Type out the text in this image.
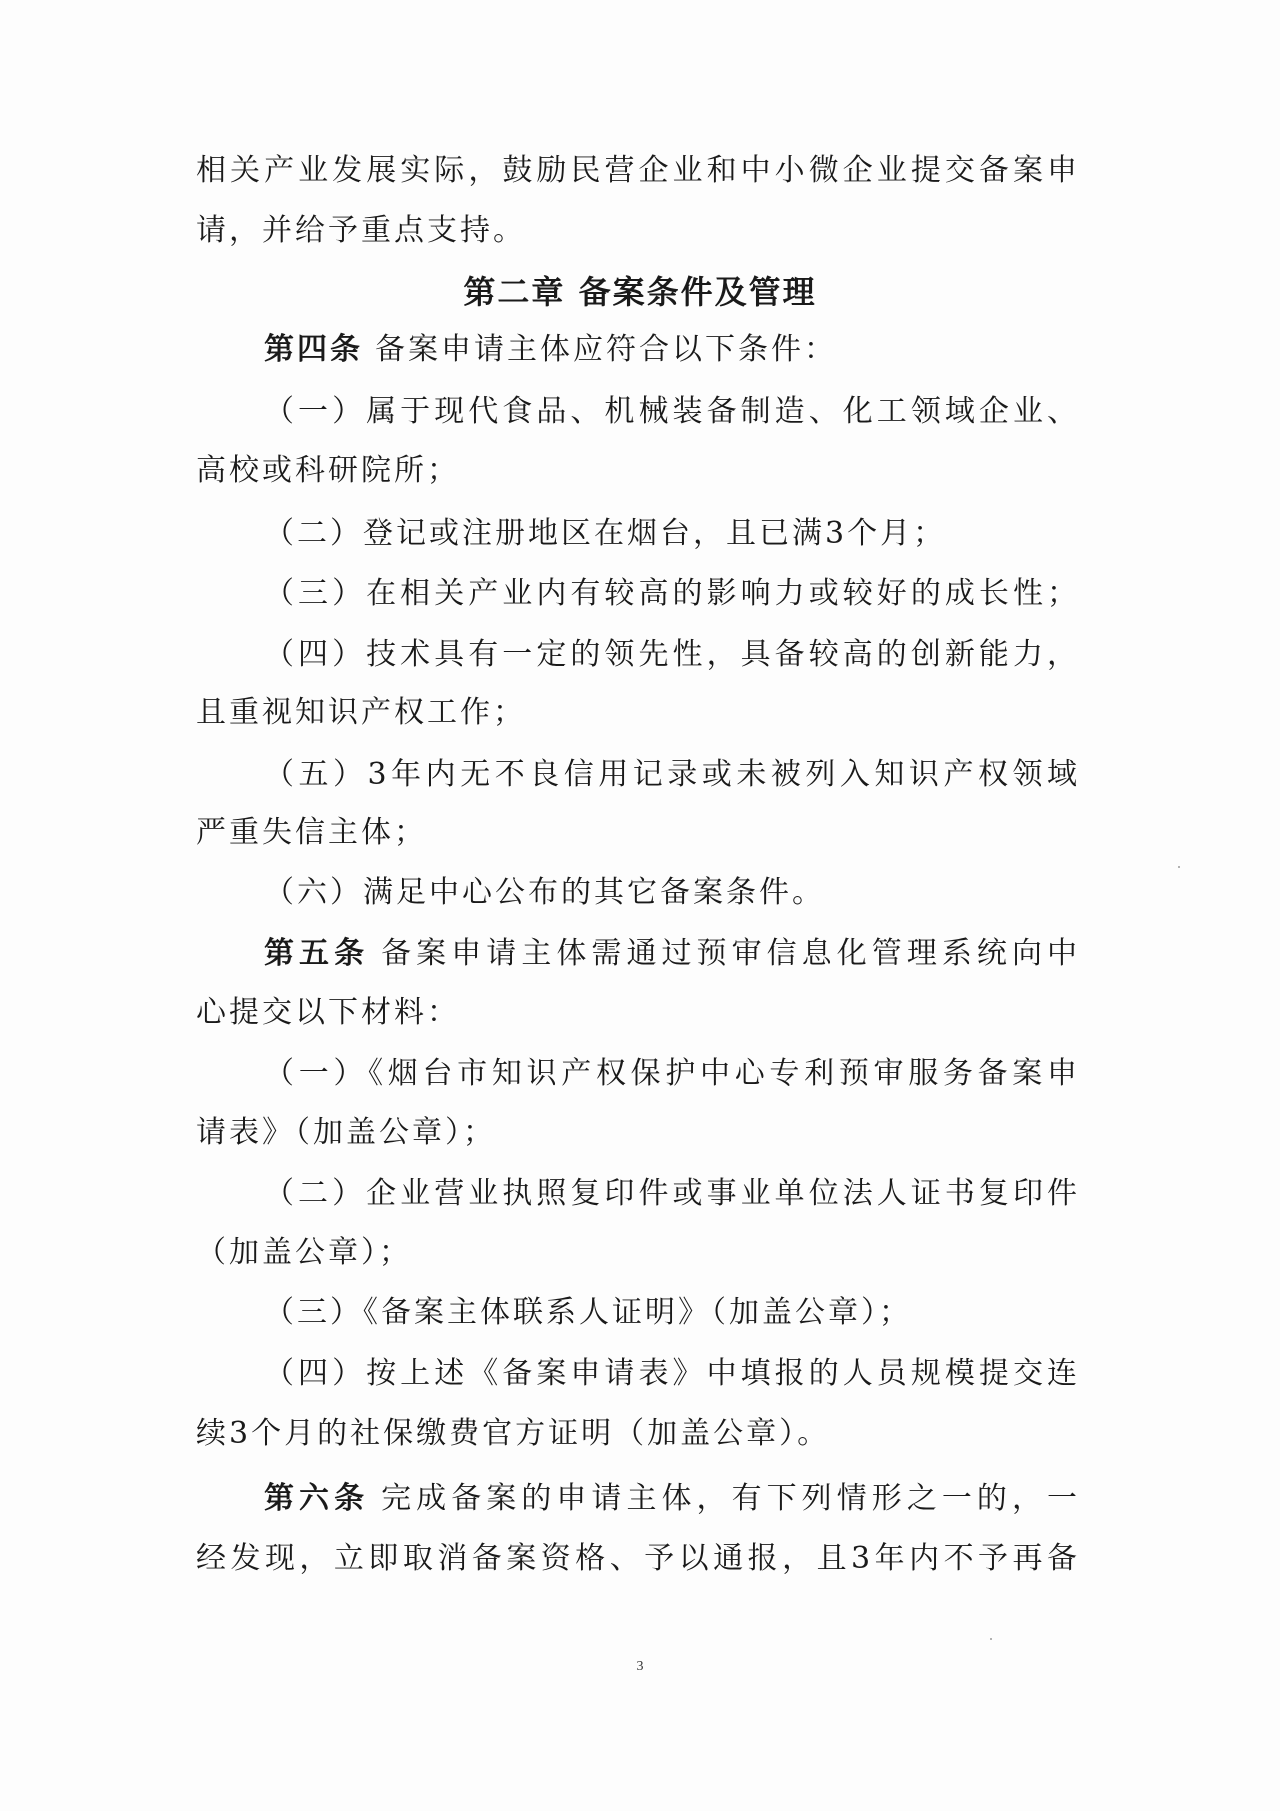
相关产业发展实际，鼓励民营企业和中小微企业提交备案申
请，并给予重点支持。
第二章 备案条件及管理
第四条 备案申请主体应符合以下条件：
（一）属于现代食品、机械装备制造、化工领域企业、
高校或科研院所；
（二）登记或注册地区在烟台，且已满3个月；
（三）在相关产业内有较高的影响力或较好的成长性；
（四）技术具有一定的领先性，具备较高的创新能力，
且重视知识产权工作；
（五）3年内无不良信用记录或未被列入知识产权领域
严重失信主体；
（六）满足中心公布的其它备案条件。
第五条 备案申请主体需通过预审信息化管理系统向中
心提交以下材料：
（一）《烟台市知识产权保护中心专利预审服务备案申
请表》（加盖公章）；
（二）企业营业执照复印件或事业单位法人证书复印件
（加盖公章）；
（三）《备案主体联系人证明》（加盖公章）；
（四）按上述《备案申请表》中填报的人员规模提交连
续3个月的社保缴费官方证明（加盖公章）。
第六条 完成备案的申请主体，有下列情形之一的，一
经发现，立即取消备案资格、予以通报，且3年内不予再备
3
